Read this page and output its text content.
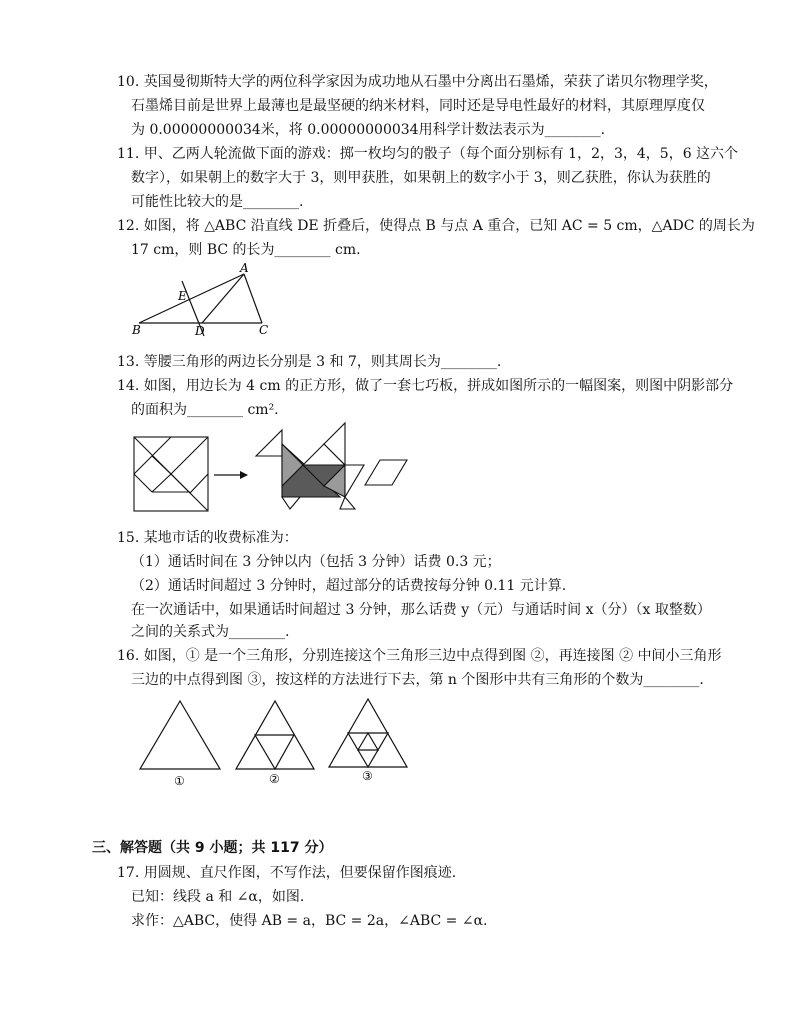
10. 英国曼彻斯特大学的两位科学家因为成功地从石墨中分离出石墨烯，荣获了诺贝尔物理学奖，
石墨烯目前是世界上最薄也是最坚硬的纳米材料，同时还是导电性最好的材料，其原理厚度仅
为 0.00000000034米，将 0.00000000034用科学计数法表示为________.
11. 甲、乙两人轮流做下面的游戏：掷一枚均匀的骰子（每个面分别标有 1，2，3，4，5，6 这六个
数字），如果朝上的数字大于 3，则甲获胜，如果朝上的数字小于 3，则乙获胜，你认为获胜的
可能性比较大的是________.
12. 如图，将 △ABC 沿直线 DE 折叠后，使得点 B 与点 A 重合，已知 AC = 5 cm，△ADC 的周长为
17 cm，则 BC 的长为________ cm.
A
E
B	D	C
13. 等腰三角形的两边长分别是 3 和 7，则其周长为________.
14. 如图，用边长为 4 cm 的正方形，做了一套七巧板，拼成如图所示的一幅图案，则图中阴影部分
的面积为________ cm².
15. 某地市话的收费标准为：
（1）通话时间在 3 分钟以内（包括 3 分钟）话费 0.3 元；
（2）通话时间超过 3 分钟时，超过部分的话费按每分钟 0.11 元计算.
在一次通话中，如果通话时间超过 3 分钟，那么话费 y（元）与通话时间 x（分）（x 取整数）
之间的关系式为________.
16. 如图，① 是一个三角形，分别连接这个三角形三边中点得到图 ②，再连接图 ② 中间小三角形
三边的中点得到图 ③，按这样的方法进行下去，第 n 个图形中共有三角形的个数为________.
①	②	③
三、解答题（共 9 小题；共 117 分）
17. 用圆规、直尺作图，不写作法，但要保留作图痕迹.
已知：线段 a 和 ∠α，如图.
求作：△ABC，使得 AB = a，BC = 2a，∠ABC = ∠α.
